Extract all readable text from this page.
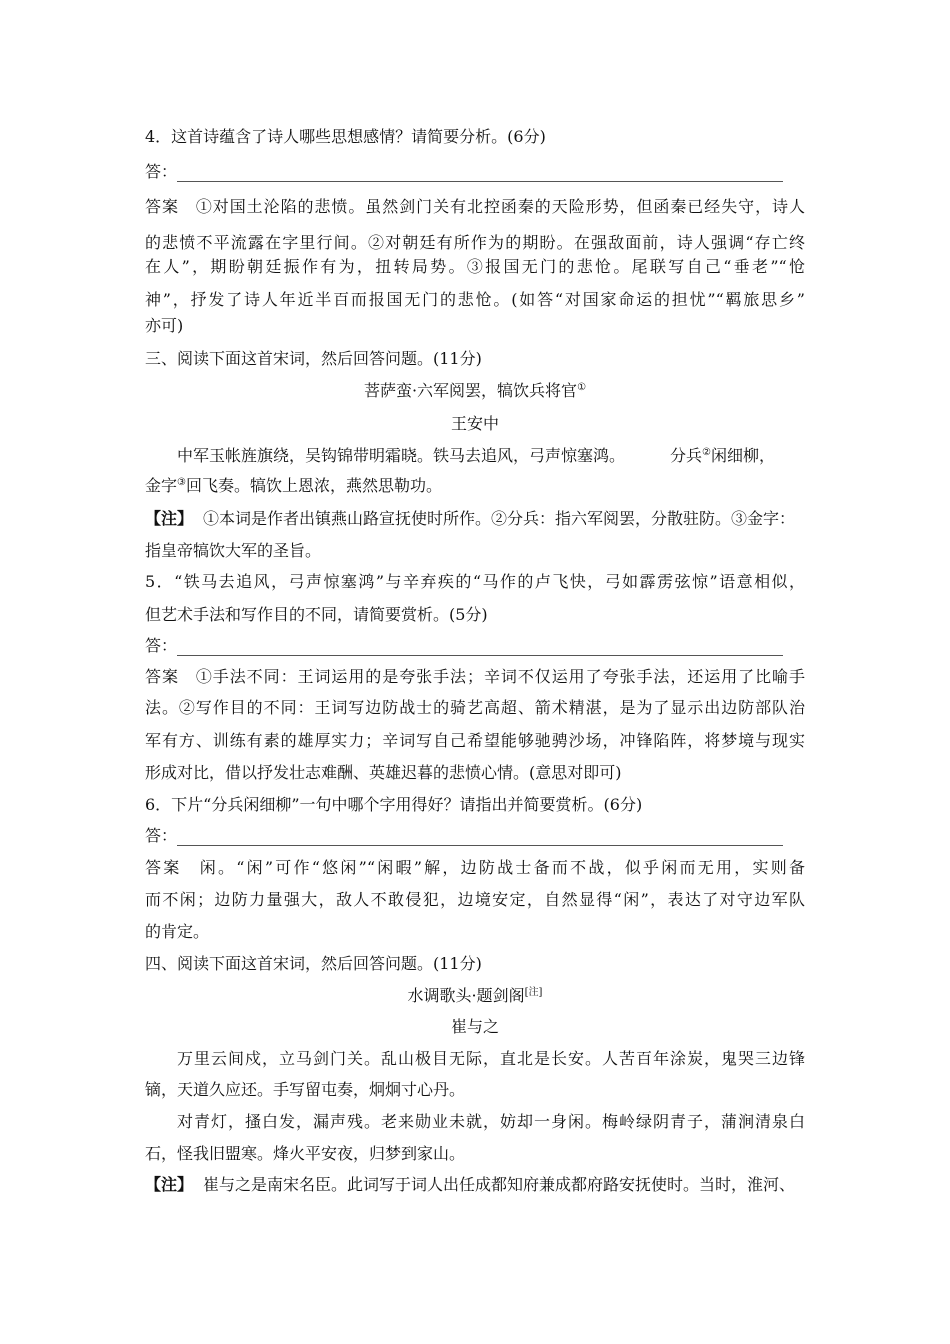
4．这首诗蕴含了诗人哪些思想感情？请简要分析。(6分)
答：
答案　①对国土沦陷的悲愤。虽然剑门关有北控函秦的天险形势，但函秦已经失守，诗人
的悲愤不平流露在字里行间。②对朝廷有所作为的期盼。在强敌面前，诗人强调“存亡终
在人”，期盼朝廷振作有为，扭转局势。③报国无门的悲怆。尾联写自己“垂老”“怆
神”，抒发了诗人年近半百而报国无门的悲怆。(如答“对国家命运的担忧”“羁旅思乡”
亦可)
三、阅读下面这首宋词，然后回答问题。(11分)
菩萨蛮·六军阅罢，犒饮兵将官①
王安中
中军玉帐旌旗绕，吴钩锦带明霜晓。铁马去追风，弓声惊塞鸿。	分兵②闲细柳，
金字③回飞奏。犒饮上恩浓，燕然思勒功。
【注】 ①本词是作者出镇燕山路宣抚使时所作。②分兵：指六军阅罢，分散驻防。③金字：
指皇帝犒饮大军的圣旨。
5．“铁马去追风，弓声惊塞鸿”与辛弃疾的“马作的卢飞快，弓如霹雳弦惊”语意相似，
但艺术手法和写作目的不同，请简要赏析。(5分)
答：
答案　①手法不同：王词运用的是夸张手法；辛词不仅运用了夸张手法，还运用了比喻手
法。②写作目的不同：王词写边防战士的骑艺高超、箭术精湛，是为了显示出边防部队治
军有方、训练有素的雄厚实力；辛词写自己希望能够驰骋沙场，冲锋陷阵，将梦境与现实
形成对比，借以抒发壮志难酬、英雄迟暮的悲愤心情。(意思对即可)
6．下片“分兵闲细柳”一句中哪个字用得好？请指出并简要赏析。(6分)
答：
答案　闲。“闲”可作“悠闲”“闲暇”解，边防战士备而不战，似乎闲而无用，实则备
而不闲；边防力量强大，敌人不敢侵犯，边境安定，自然显得“闲”，表达了对守边军队
的肯定。
四、阅读下面这首宋词，然后回答问题。(11分)
水调歌头·题剑阁[注]
崔与之
万里云间戍，立马剑门关。乱山极目无际，直北是长安。人苦百年涂炭，鬼哭三边锋
镝，天道久应还。手写留屯奏，炯炯寸心丹。
对青灯，搔白发，漏声残。老来勋业未就，妨却一身闲。梅岭绿阴青子，蒲涧清泉白
石，怪我旧盟寒。烽火平安夜，归梦到家山。
【注】 崔与之是南宋名臣。此词写于词人出任成都知府兼成都府路安抚使时。当时，淮河、
